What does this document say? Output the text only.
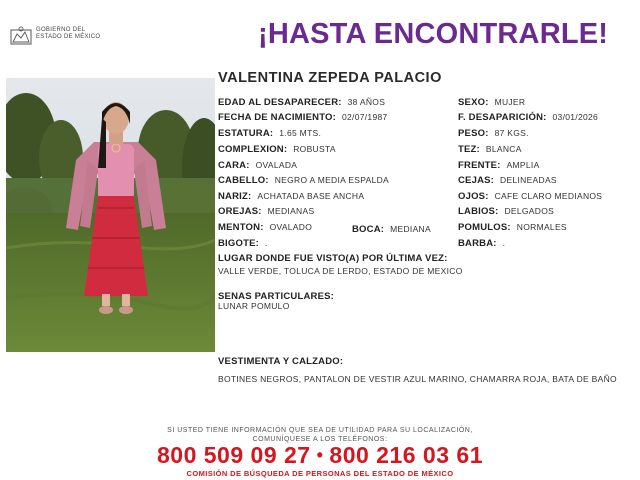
GOBIERNO DEL
ESTADO DE MÉXICO	¡HASTA ENCONTRARLE!
VALENTINA ZEPEDA PALACIO
EDAD AL DESAPARECER: 38 AÑOS
FECHA DE NACIMIENTO: 02/07/1987
ESTATURA: 1.65 MTS.
COMPLEXION: ROBUSTA
CARA: OVALADA
CABELLO: NEGRO A MEDIA ESPALDA
NARIZ: ACHATADA BASE ANCHA
OREJAS: MEDIANAS
MENTON: OVALADO
BIGOTE: .
BOCA: MEDIANA
SEXO: MUJER
F. DESAPARICIÓN: 03/01/2026
PESO: 87 KGS.
TEZ: BLANCA
FRENTE: AMPLIA
CEJAS: DELINEADAS
OJOS: CAFE CLARO MEDIANOS
LABIOS: DELGADOS
POMULOS: NORMALES
BARBA: .
LUGAR DONDE FUE VISTO(A) POR ÚLTIMA VEZ:
VALLE VERDE, TOLUCA DE LERDO, ESTADO DE MEXICO
SENAS PARTICULARES:
LUNAR POMULO
VESTIMENTA Y CALZADO:
BOTINES NEGROS, PANTALON DE VESTIR AZUL MARINO, CHAMARRA ROJA, BATA DE BAÑO
SI USTED TIENE INFORMACIÓN QUE SEA DE UTILIDAD PARA SU LOCALIZACIÓN,
COMUNÍQUESE A LOS TELÉFONOS:
800 509 09 27 • 800 216 03 61
COMISIÓN DE BÚSQUEDA DE PERSONAS DEL ESTADO DE MÉXICO
